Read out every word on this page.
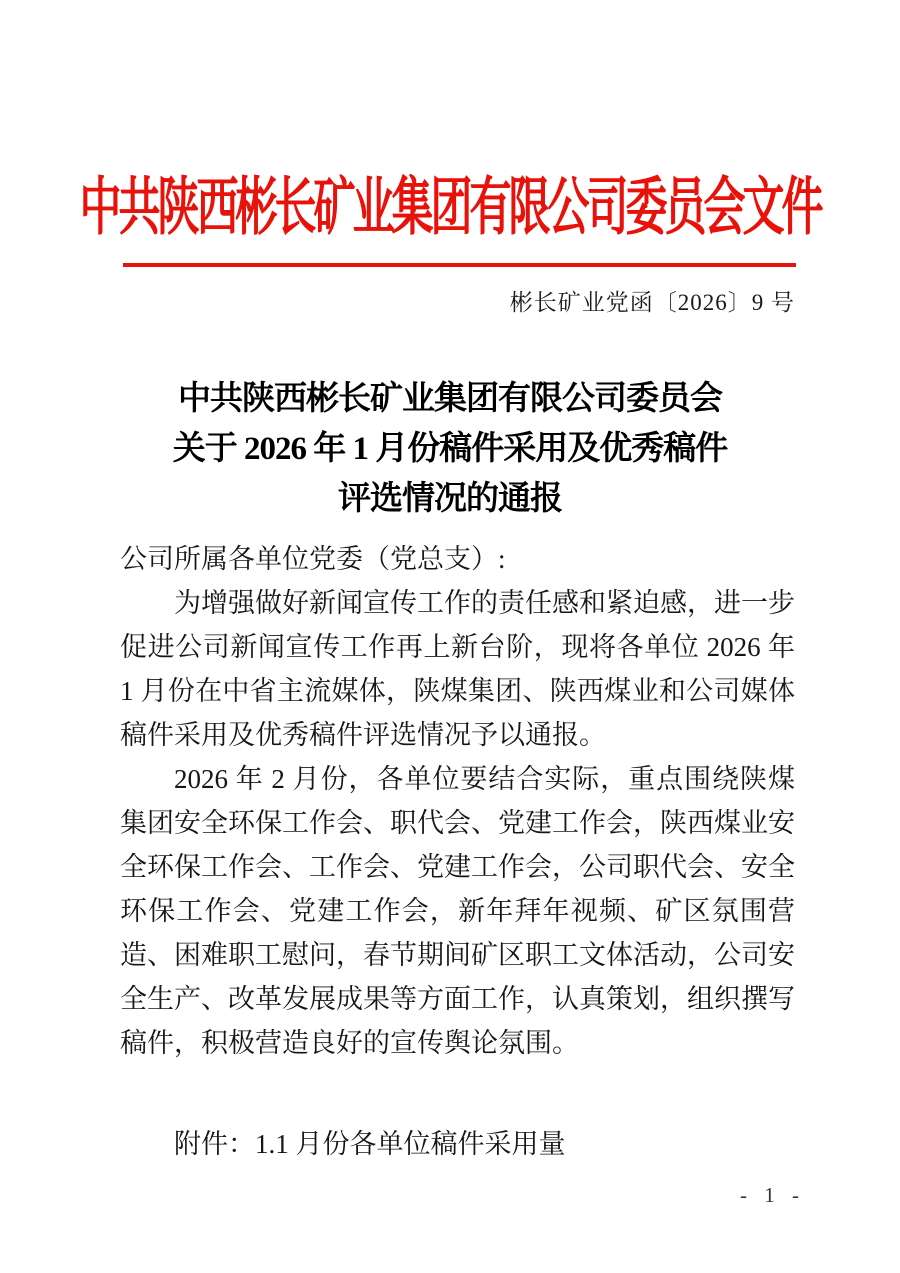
中共陕西彬长矿业集团有限公司委员会文件
彬长矿业党函〔2026〕9 号
中共陕西彬长矿业集团有限公司委员会
关于 2026 年 1 月份稿件采用及优秀稿件
评选情况的通报

公司所属各单位党委（党总支）:

为增强做好新闻宣传工作的责任感和紧迫感，进一步促进公司新闻宣传工作再上新台阶，现将各单位 2026 年 1 月份在中省主流媒体，陕煤集团、陕西煤业和公司媒体稿件采用及优秀稿件评选情况予以通报。

2026 年 2 月份，各单位要结合实际，重点围绕陕煤集团安全环保工作会、职代会、党建工作会，陕西煤业安全环保工作会、工作会、党建工作会，公司职代会、安全环保工作会、党建工作会，新年拜年视频、矿区氛围营造、困难职工慰问，春节期间矿区职工文体活动，公司安全生产、改革发展成果等方面工作，认真策划，组织撰写稿件，积极营造良好的宣传舆论氛围。

附件：1.1 月份各单位稿件采用量

- 1 -
